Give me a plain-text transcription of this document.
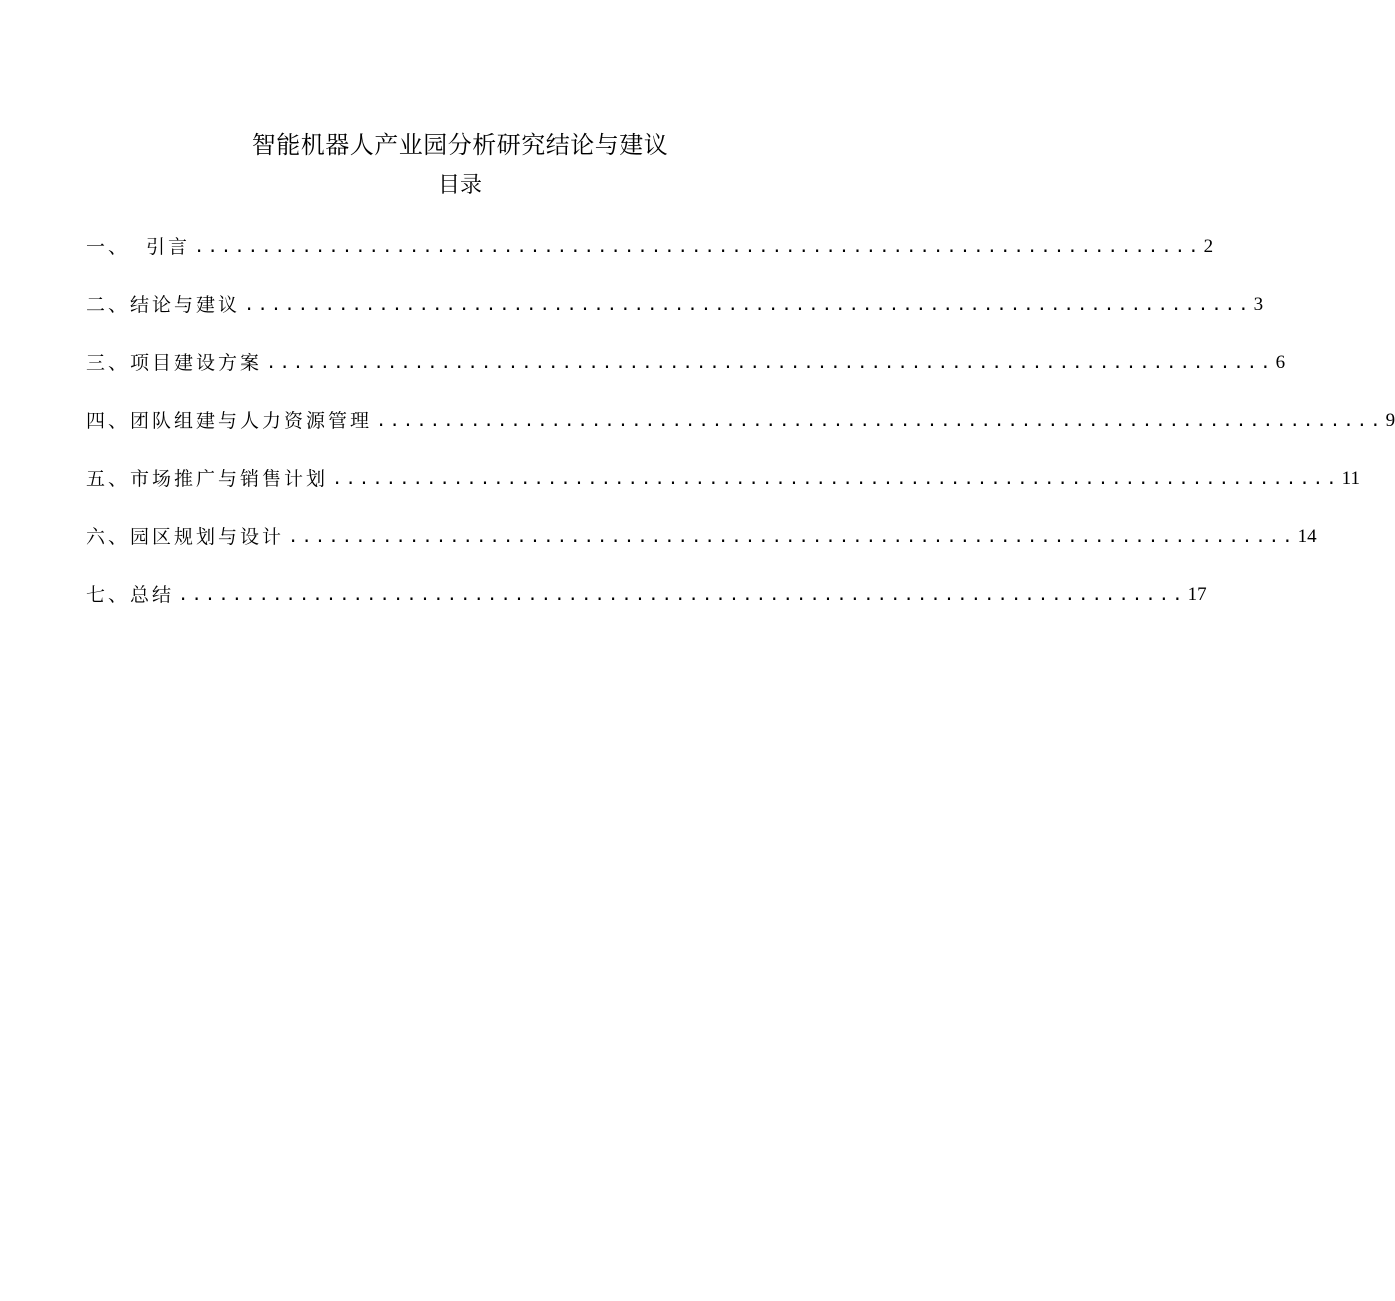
智能机器人产业园分析研究结论与建议
目录
一、 引言 ........................................................................... 2
二、 结论与建议 ........................................................................... 3
三、 项目建设方案 ........................................................................... 6
四、 团队组建与人力资源管理 ........................................................................... 9
五、 市场推广与销售计划 ........................................................................... 11
六、 园区规划与设计 ........................................................................... 14
七、 总结 ........................................................................... 17
